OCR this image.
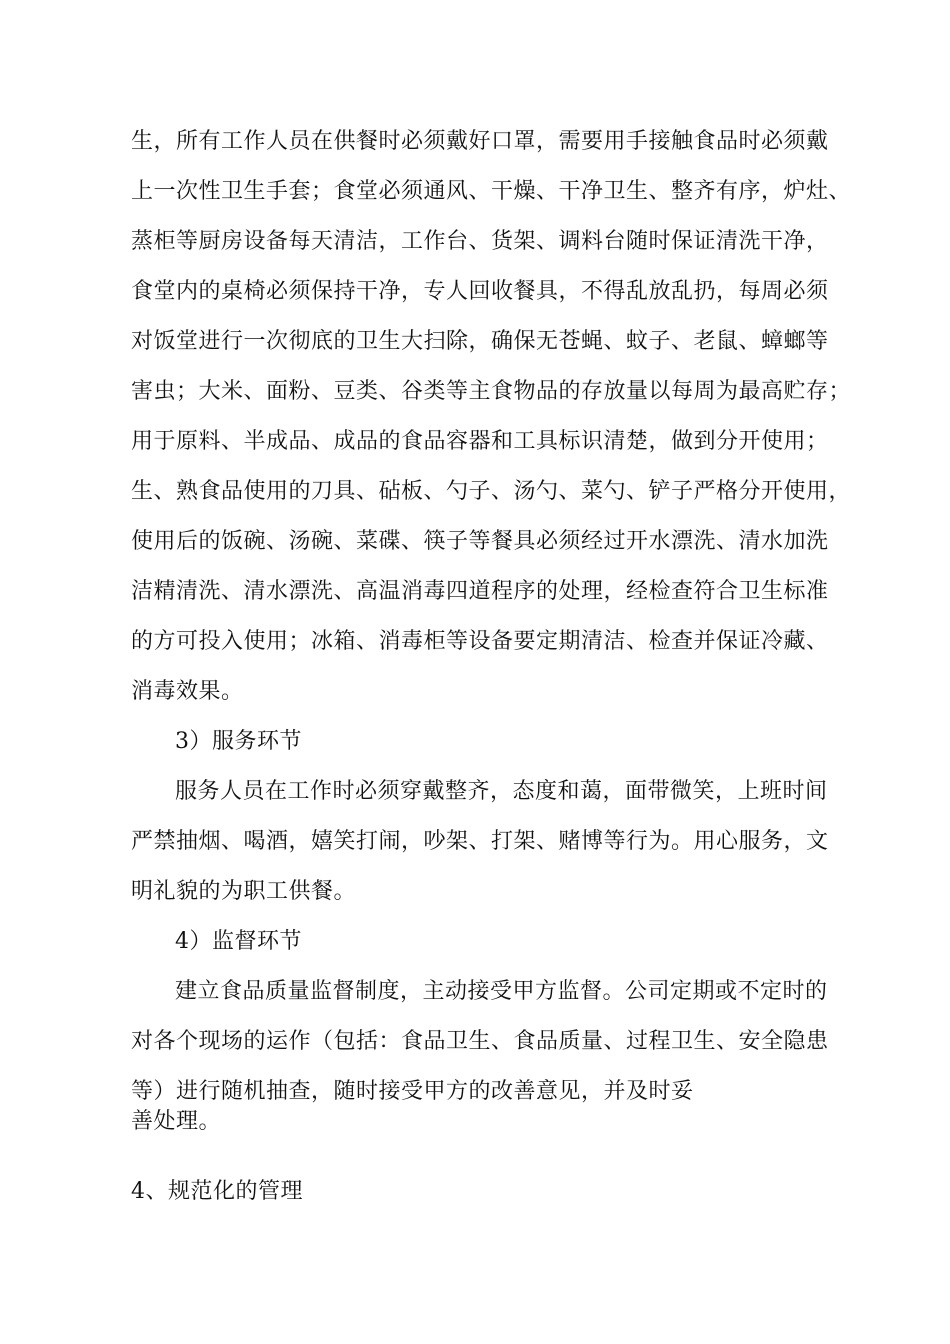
生，所有工作人员在供餐时必须戴好口罩，需要用手接触食品时必须戴
上一次性卫生手套；食堂必须通风、干燥、干净卫生、整齐有序，炉灶、
蒸柜等厨房设备每天清洁，工作台、货架、调料台随时保证清洗干净，
食堂内的桌椅必须保持干净，专人回收餐具，不得乱放乱扔，每周必须
对饭堂进行一次彻底的卫生大扫除，确保无苍蝇、蚊子、老鼠、蟑螂等
害虫；大米、面粉、豆类、谷类等主食物品的存放量以每周为最高贮存；
用于原料、半成品、成品的食品容器和工具标识清楚，做到分开使用；
生、熟食品使用的刀具、砧板、勺子、汤勺、菜勺、铲子严格分开使用，
使用后的饭碗、汤碗、菜碟、筷子等餐具必须经过开水漂洗、清水加洗
洁精清洗、清水漂洗、高温消毒四道程序的处理，经检查符合卫生标准
的方可投入使用；冰箱、消毒柜等设备要定期清洁、检查并保证冷藏、
消毒效果。
3）服务环节
服务人员在工作时必须穿戴整齐，态度和蔼，面带微笑，上班时间
严禁抽烟、喝酒，嬉笑打闹，吵架、打架、赌博等行为。用心服务，文
明礼貌的为职工供餐。
4）监督环节
建立食品质量监督制度，主动接受甲方监督。公司定期或不定时的
对各个现场的运作（包括：食品卫生、食品质量、过程卫生、安全隐患
等）进行随机抽查，随时接受甲方的改善意见，并及时妥
善处理。
4、规范化的管理
